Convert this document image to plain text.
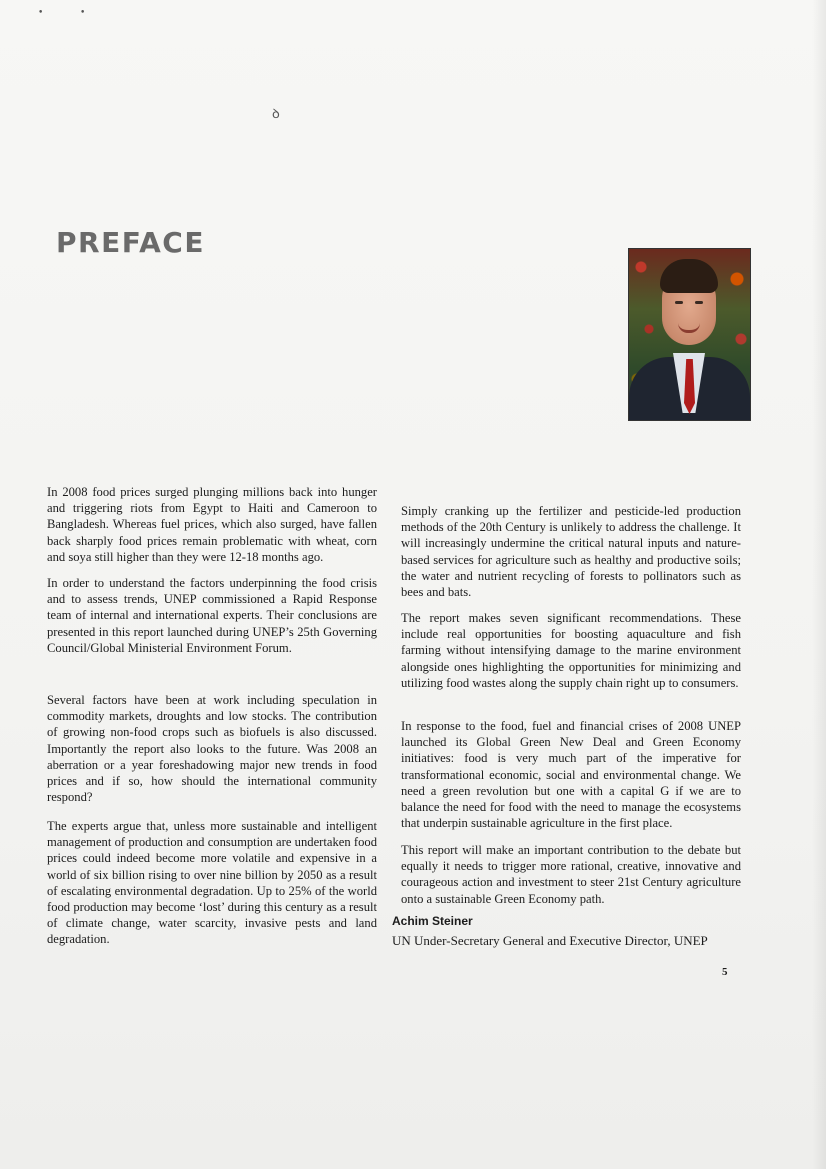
•	•
ꝺ
PREFACE

In 2008 food prices surged plunging millions back into hunger and triggering riots from Egypt to Haiti and Cameroon to Bangladesh. Whereas fuel prices, which also surged, have fallen back sharply food prices remain problematic with wheat, corn and soya still higher than they were 12-18 months ago.

In order to understand the factors underpinning the food crisis and to assess trends, UNEP commissioned a Rapid Response team of internal and international experts. Their conclusions are presented in this report launched during UNEP’s 25th Governing Council/Global Ministerial Environment Forum.

Several factors have been at work including speculation in commodity markets, droughts and low stocks. The contribution of growing non-food crops such as biofuels is also discussed. Importantly the report also looks to the future. Was 2008 an aberration or a year foreshadowing major new trends in food prices and if so, how should the international community respond?

The experts argue that, unless more sustainable and intelligent management of production and consumption are undertaken food prices could indeed become more volatile and expensive in a world of six billion rising to over nine billion by 2050 as a result of escalating environmental degradation. Up to 25% of the world food production may become ‘lost’ during this century as a result of climate change, water scarcity, invasive pests and land degradation.

Simply cranking up the fertilizer and pesticide-led production methods of the 20th Century is unlikely to address the challenge. It will increasingly undermine the critical natural inputs and nature-based services for agriculture such as healthy and productive soils; the water and nutrient recycling of forests to pollinators such as bees and bats.

The report makes seven significant recommendations. These include real opportunities for boosting aquaculture and fish farming without intensifying damage to the marine environment alongside ones highlighting the opportunities for minimizing and utilizing food wastes along the supply chain right up to consumers.

In response to the food, fuel and financial crises of 2008 UNEP launched its Global Green New Deal and Green Economy initiatives: food is very much part of the imperative for transformational economic, social and environmental change. We need a green revolution but one with a capital G if we are to balance the need for food with the need to manage the ecosystems that underpin sustainable agriculture in the first place.

This report will make an important contribution to the debate but equally it needs to trigger more rational, creative, innovative and courageous action and investment to steer 21st Century agriculture onto a sustainable Green Economy path.

Achim Steiner
UN Under-Secretary General and Executive Director, UNEP
5
